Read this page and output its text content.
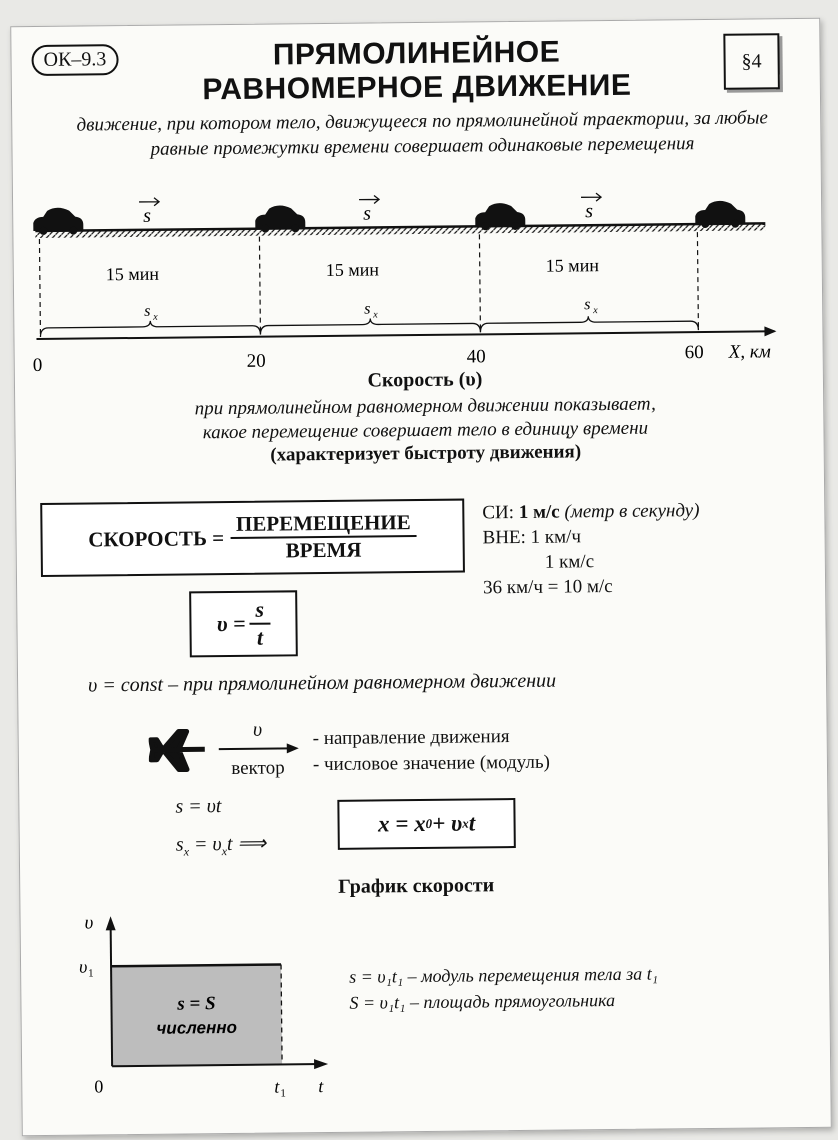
ОК–9.3	§4
ПРЯМОЛИНЕЙНОЕ
РАВНОМЕРНОЕ ДВИЖЕНИЕ
движение, при котором тело, движущееся по прямолинейной траектории, за любые равные промежутки времени совершает одинаковые перемещения
s	s	s
15 мин	15 мин	15 мин
s x	s x
s x
0	20	40	60 X, км
Скорость (υ)
при прямолинейном равномерном движении показывает,
какое перемещение совершает тело в единицу времени
(характеризует быстроту движения)
СКОРОСТЬ = $\frac{\text{ПЕРЕМЕЩЕНИЕ}}{\text{ВРЕМЯ}}$	СИ: 1 м/с (метр в секунду)
ВНЕ: 1 км/ч
1 км/с
36 км/ч = 10 м/с
$\upsilon = \frac{s}{t}$
υ = const – при прямолинейном равномерном движении
υ
вектор
- направление движения
- числовое значение (модуль)
s = υt
$s_x = \upsilon_xt$ ⟹
x = x 0 + υ x t
График скорости
υ
υ 1
0	t 1 t
s = S
численно
s = υ₁t₁ – модуль перемещения тела за t₁
S = υ₁t₁ – площадь прямоугольника
